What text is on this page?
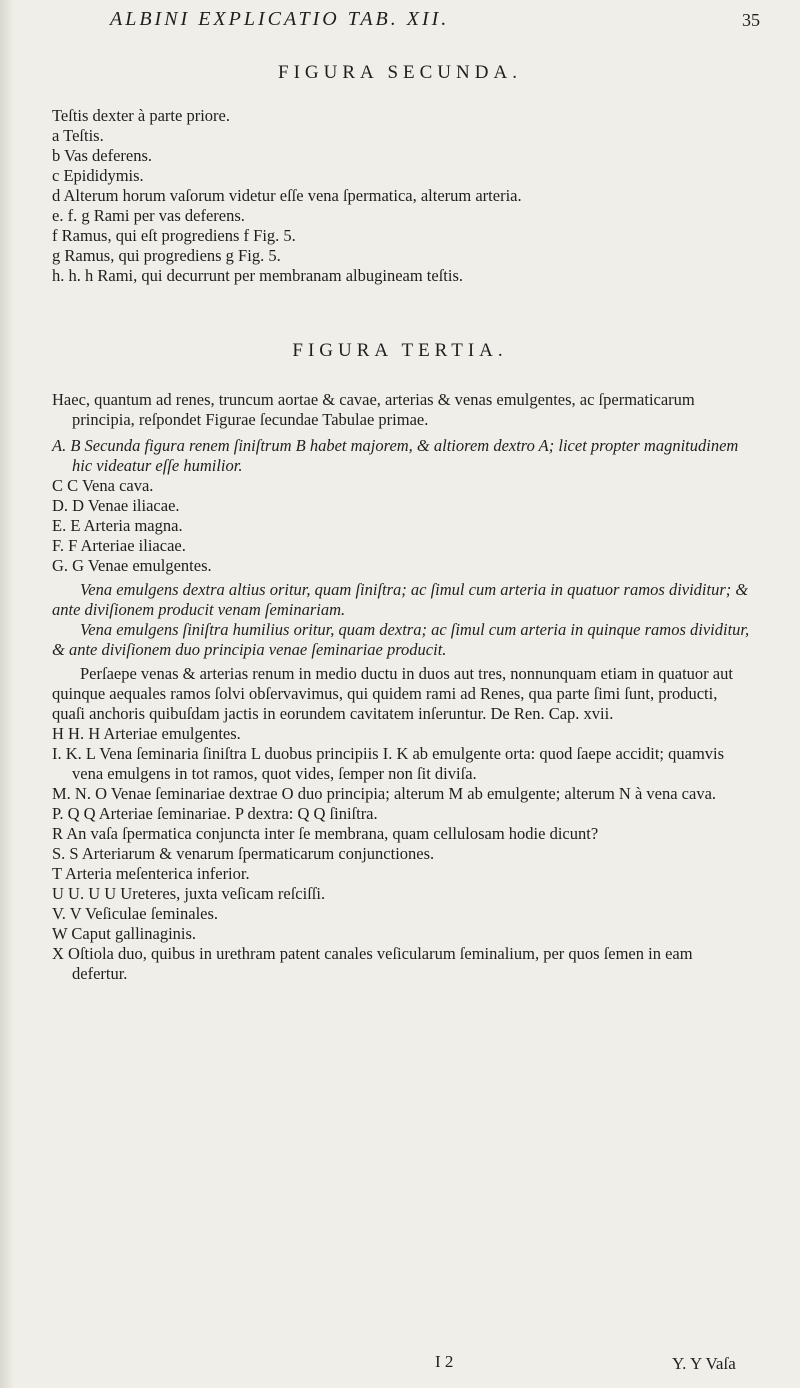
ALBINI EXPLICATIO TAB. XII.	35
FIGURA SECUNDA.
Teſtis dexter à parte priore.
a Teſtis.
b Vas deferens.
c Epididymis.
d Alterum horum vaſorum videtur eſſe vena ſpermatica, alterum arteria.
e. f. g Rami per vas deferens.
f Ramus, qui eſt progrediens f Fig. 5.
g Ramus, qui progrediens g Fig. 5.
h. h. h Rami, qui decurrunt per membranam albugineam teſtis.
FIGURA TERTIA.
Haec, quantum ad renes, truncum aortae & cavae, arterias & venas emulgentes, ac ſpermaticarum principia, reſpondet Figurae ſecundae Tabulae primae.
A. B Secunda figura renem ſiniſtrum B habet majorem, & altiorem dextro A; licet propter magnitudinem hic videatur eſſe humilior.
C C Vena cava.
D. D Venae iliacae.
E. E Arteria magna.
F. F Arteriae iliacae.
G. G Venae emulgentes.
Vena emulgens dextra altius oritur, quam ſiniſtra; ac ſimul cum arteria in quatuor ramos dividitur; & ante diviſionem producit venam ſeminariam.
Vena emulgens ſiniſtra humilius oritur, quam dextra; ac ſimul cum arteria in quinque ramos dividitur, & ante diviſionem duo principia venae ſeminariae producit.
Perſaepe venas & arterias renum in medio ductu in duos aut tres, nonnunquam etiam in quatuor aut quinque aequales ramos ſolvi obſervavimus, qui quidem rami ad Renes, qua parte ſimi ſunt, producti, quaſi anchoris quibuſdam jactis in eorundem cavitatem inſeruntur. De Ren. Cap. xvii.
H H. H Arteriae emulgentes.
I. K. L Vena ſeminaria ſiniſtra L duobus principiis I. K ab emulgente orta: quod ſaepe accidit; quamvis vena emulgens in tot ramos, quot vides, ſemper non ſit diviſa.
M. N. O Venae ſeminariae dextrae O duo principia; alterum M ab emulgente; alterum N à vena cava.
P. Q Q Arteriae ſeminariae. P dextra: Q Q ſiniſtra.
R An vaſa ſpermatica conjuncta inter ſe membrana, quam cellulosam hodie dicunt?
S. S Arteriarum & venarum ſpermaticarum conjunctiones.
T Arteria meſenterica inferior.
U U. U U Ureteres, juxta veſicam reſciſſi.
V. V Veſiculae ſeminales.
W Caput gallinaginis.
X Oſtiola duo, quibus in urethram patent canales veſicularum ſeminalium, per quos ſemen in eam defertur.
I 2	Y. Y Vaſa
